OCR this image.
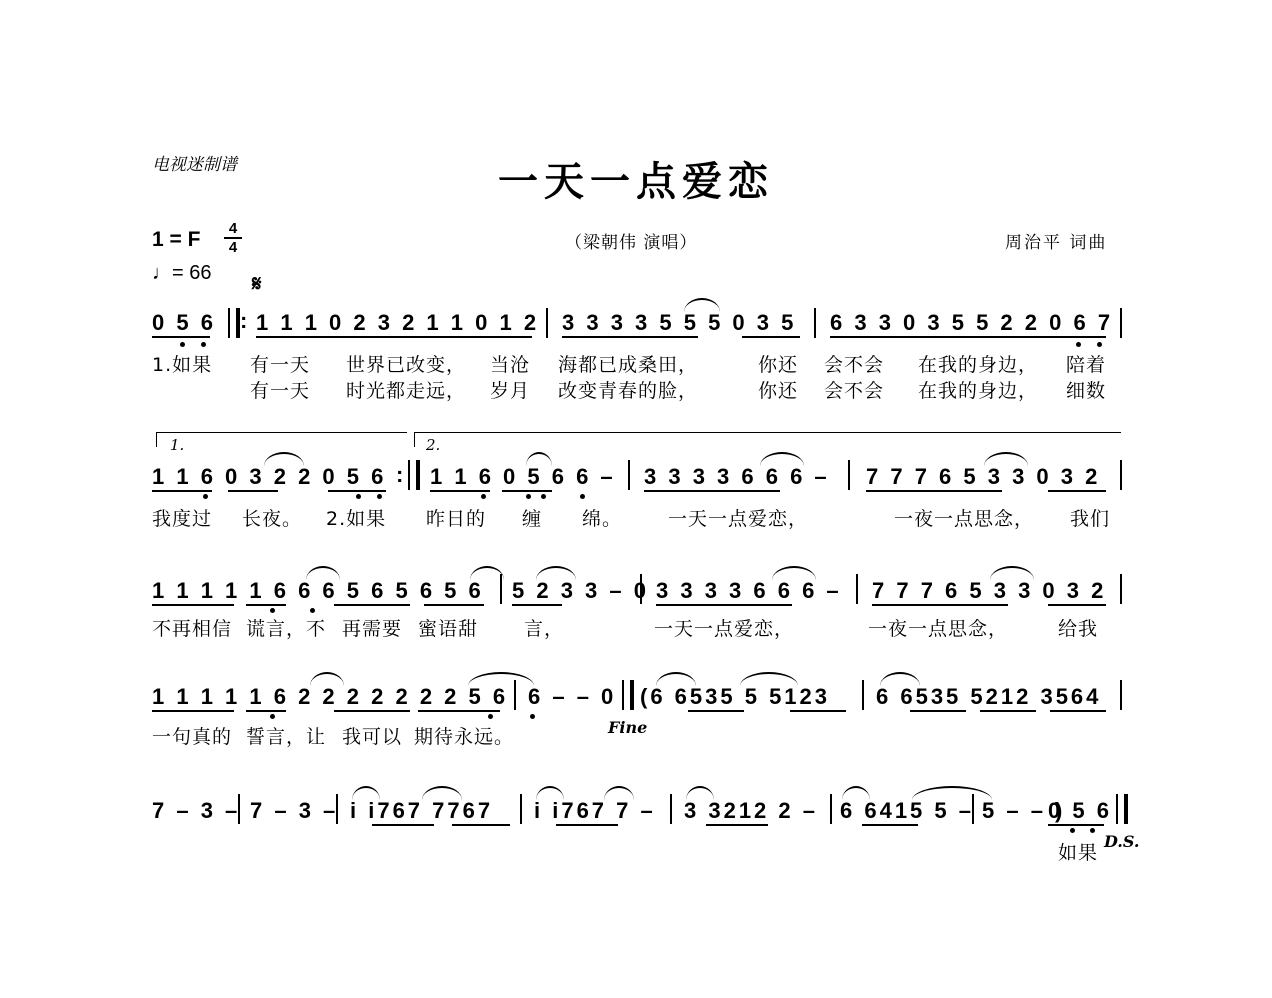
电视迷制谱	一天一点爱恋
1 = F	4
4
♩= 66
（梁朝伟 演唱）	周治平 词曲
𝄋
0 5 6 : 1 1 1 0 2 3 2 1 1 0 1 2 3 3 3 3 5 5 5 0 3 5 6 3 3 0 3 5 5 2 2 0 6 7
1.如果 有一天 世界已改变， 当沧 海都已成桑田，	你还 会不会 在我的身边， 陪着
有一天 时光都走远， 岁月 改变青春的脸，	你还 会不会 在我的身边， 细数
1.	2.
1 1 6 0 3 2 2 0 5 6 : 1 1 6 0 5 6 6 – 3 3 3 3 6 6 6 – 7 7 7 6 5 3 3 0 3 2
我度过 长夜。 2.如果 昨日的 缠 绵。 一天一点爱恋，	一夜一点思念， 我们
1 1 1 1 1 6 6 6 5 6 5 6 5 6 5 2 3 3 – 0 3 3 3 3 6 6 6 – 7 7 7 6 5 3 3 0 3 2
不再相信 谎言，不 再需要 蜜语甜 言，	一天一点爱恋，	一夜一点思念，	给我
1 1 1 1 1 6 2 2 2 2 2 2 2 5 6 6 – – 0 (6 6535 5 5123 6 6535 5212 3564
Fine
一句真的 誓言，让 我可以 期待永远。
7 – 3 – 7 – 3 – i i767 7767 i i767 7 – 3 3212 2 – 6 6415 5 – 5 – – )
0 5 6
如果
D.S.
